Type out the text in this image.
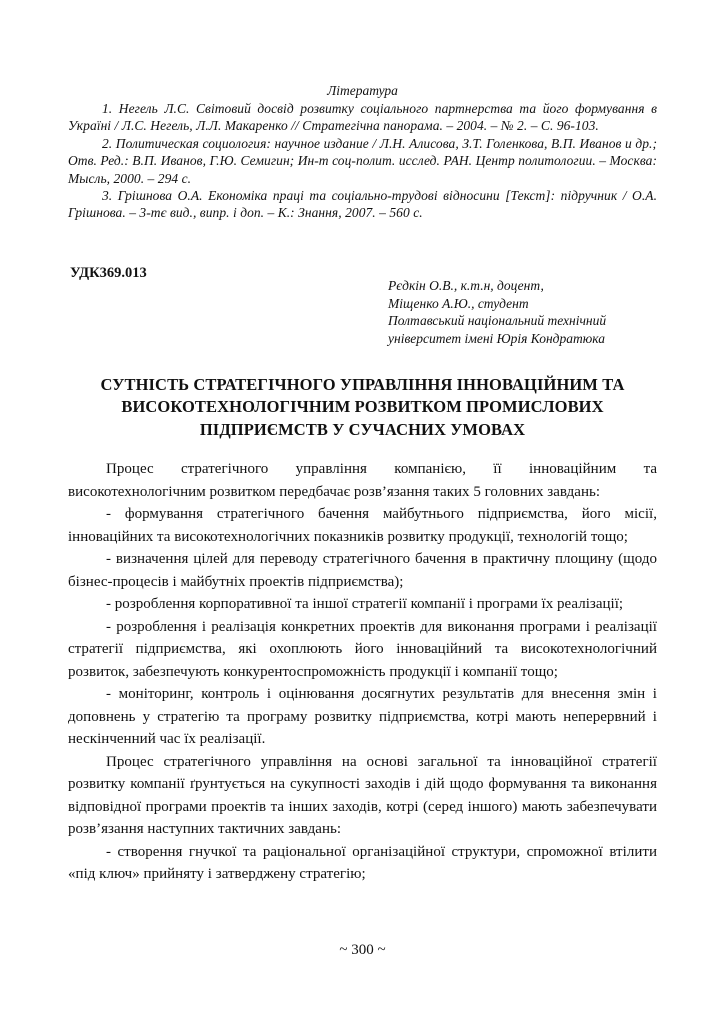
Література

1. Негель Л.С. Світовий досвід розвитку соціального партнерства та його формування в Україні / Л.С. Негель, Л.Л. Макаренко // Стратегічна панорама. – 2004. – № 2. – С. 96-103.

2. Политическая социология: научное издание / Л.Н. Алисова, З.Т. Голенкова, В.П. Иванов и др.; Отв. Ред.: В.П. Иванов, Г.Ю. Семигин; Ин-т соц-полит. исслед. РАН. Центр политологии. – Москва: Мысль, 2000. – 294 с.

3. Грішнова О.А. Економіка праці та соціально-трудові відносини [Текст]: підручник / О.А. Грішнова. – 3-тє вид., випр. і доп. – К.: Знання, 2007. – 560 с.

УДК369.013
Рєдкін О.В., к.т.н, доцент,
Міщенко А.Ю., студент
Полтавський національний технічний
університет імені Юрія Кондратюка
СУТНІСТЬ СТРАТЕГІЧНОГО УПРАВЛІННЯ ІННОВАЦІЙНИМ ТА ВИСОКОТЕХНОЛОГІЧНИМ РОЗВИТКОМ ПРОМИСЛОВИХ ПІДПРИЄМСТВ У СУЧАСНИХ УМОВАХ

Процес стратегічного управління компанією, її інноваційним та високотехнологічним розвитком передбачає розв’язання таких 5 головних завдань:

- формування стратегічного бачення майбутнього підприємства, його місії, інноваційних та високотехнологічних показників розвитку продукції, технологій тощо;

- визначення цілей для переводу стратегічного бачення в практичну площину (щодо бізнес-процесів і майбутніх проектів підприємства);

- розроблення корпоративної та іншої стратегії компанії і програми їх реалізації;

- розроблення і реалізація конкретних проектів для виконання програми і реалізації стратегії підприємства, які охоплюють його інноваційний та високотехнологічний розвиток, забезпечують конкурентоспроможність продукції і компанії тощо;

- моніторинг, контроль і оцінювання досягнутих результатів для внесення змін і доповнень у стратегію та програму розвитку підприємства, котрі мають неперервний і нескінченний час їх реалізації.

Процес стратегічного управління на основі загальної та інноваційної стратегії розвитку компанії ґрунтується на сукупності заходів і дій щодо формування та виконання відповідної програми проектів та інших заходів, котрі (серед іншого) мають забезпечувати розв’язання наступних тактичних завдань:

- створення гнучкої та раціональної організаційної структури, спроможної втілити «під ключ» прийняту і затверджену стратегію;

~ 300 ~
